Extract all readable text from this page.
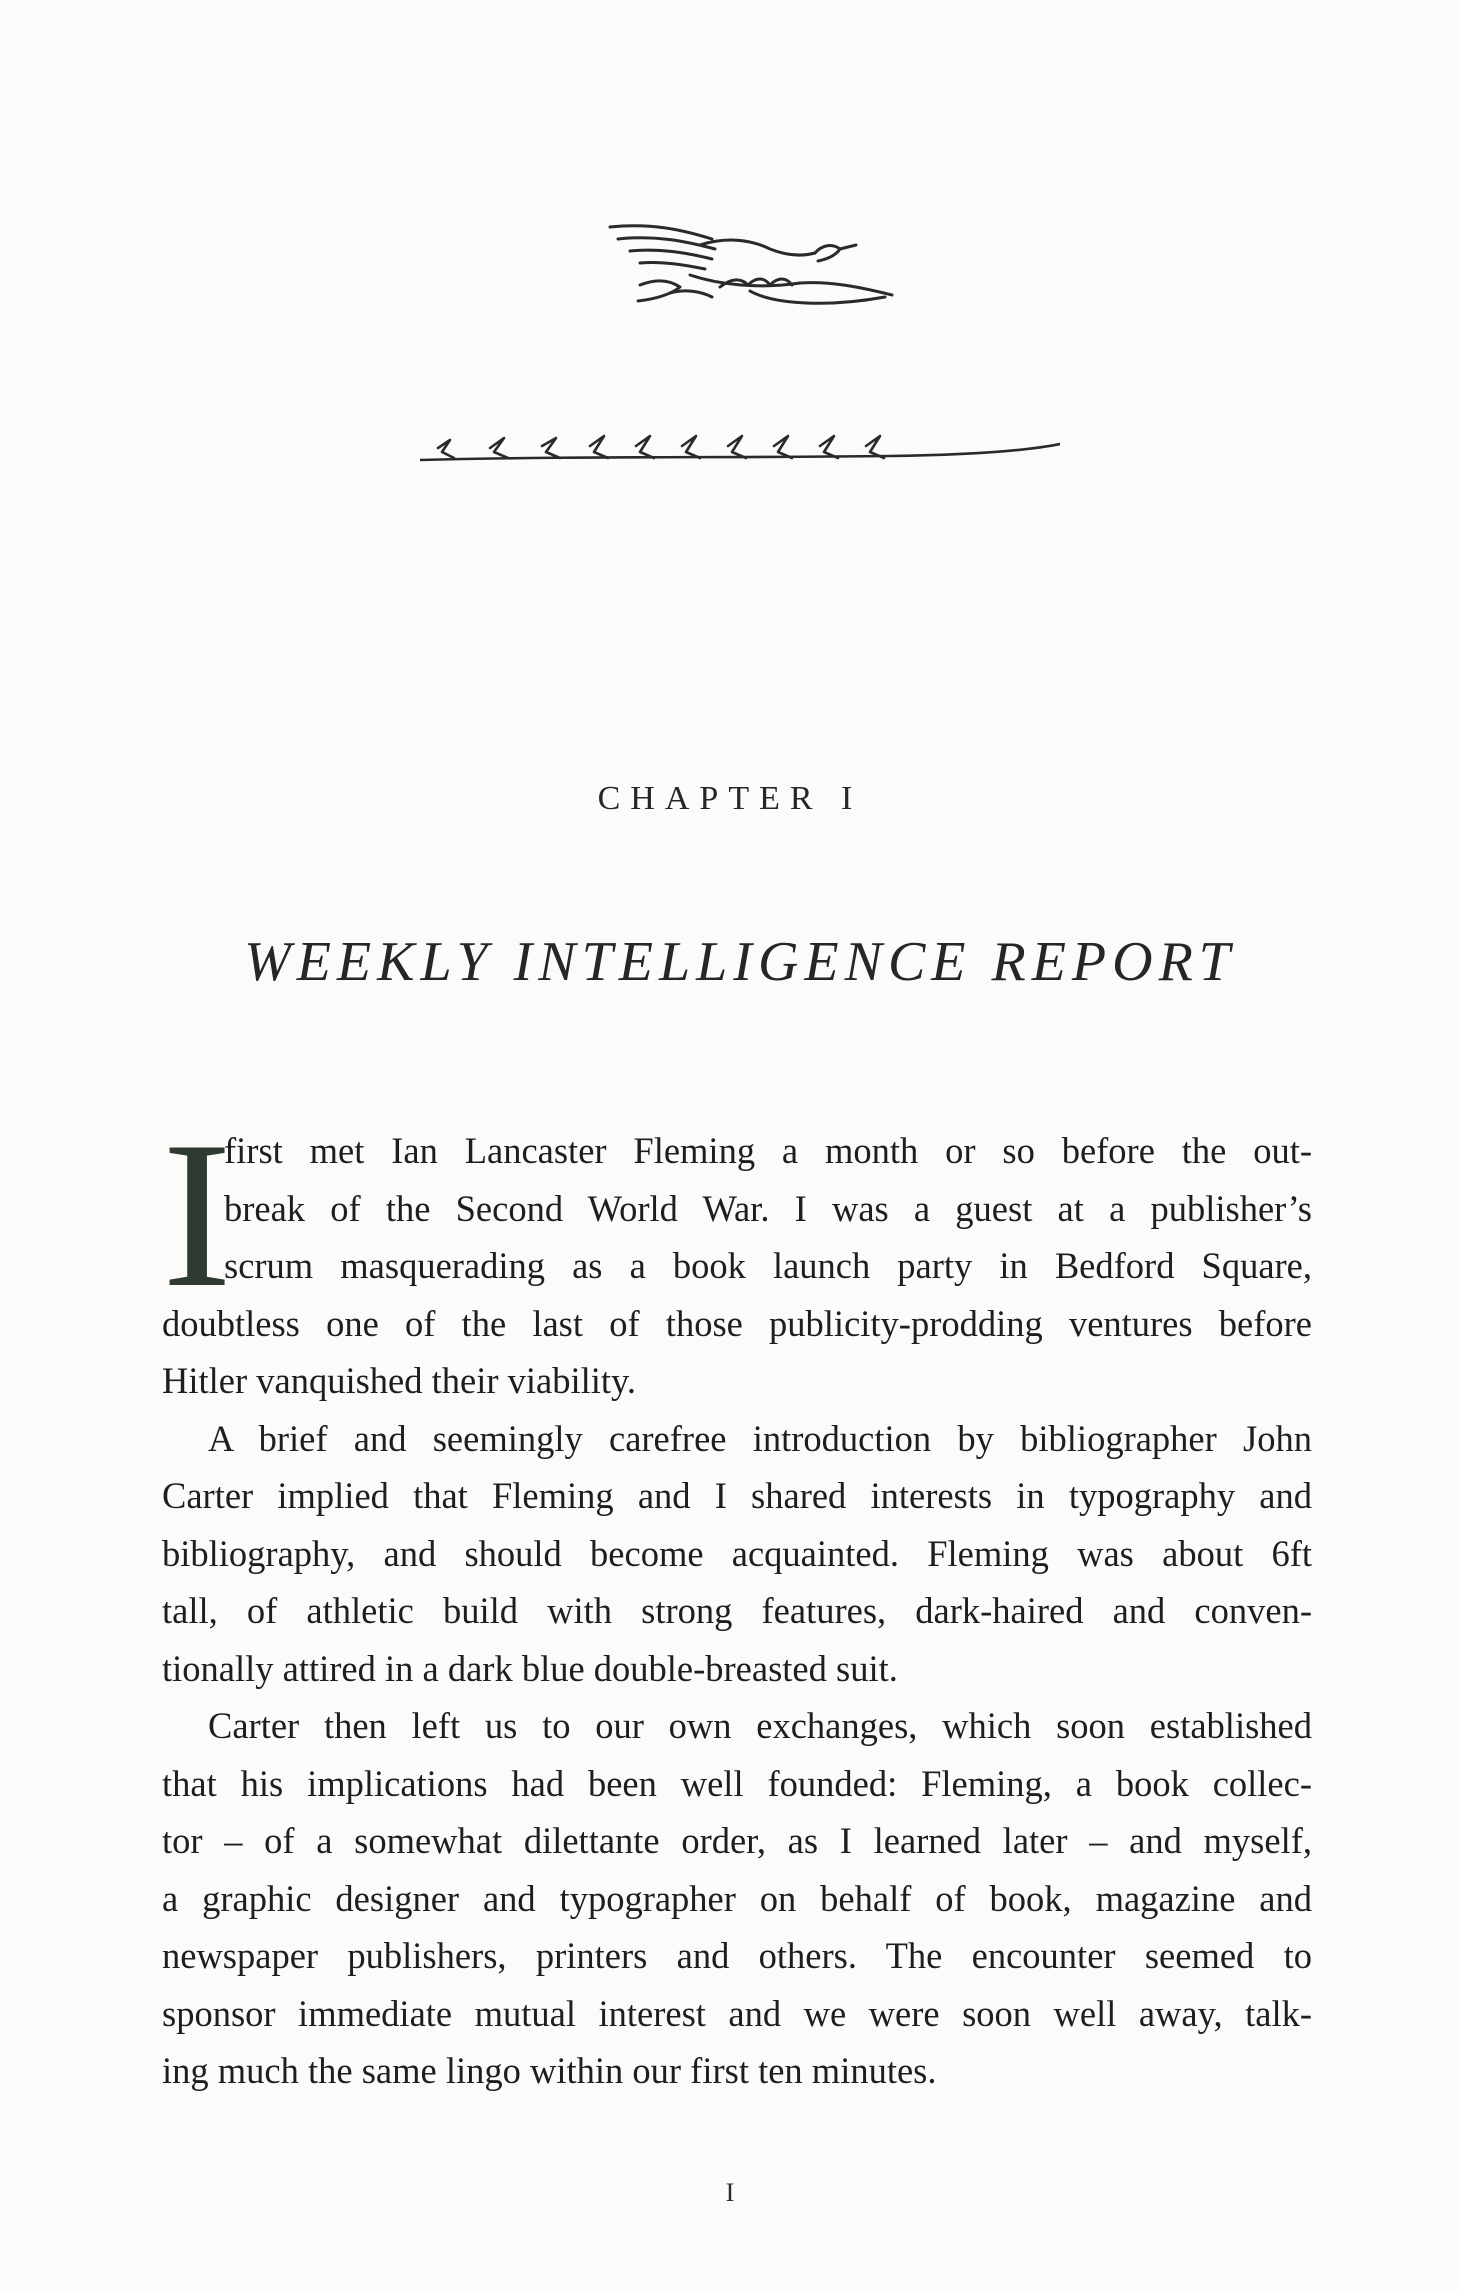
CHAPTER I
WEEKLY INTELLIGENCE REPORT
I
first met Ian Lancaster Fleming a month or so before the out-
break of the Second World War. I was a guest at a publisher’s
scrum masquerading as a book launch party in Bedford Square,
doubtless one of the last of those publicity-prodding ventures before
Hitler vanquished their viability.
A brief and seemingly carefree introduction by bibliographer John
Carter implied that Fleming and I shared interests in typography and
bibliography, and should become acquainted. Fleming was about 6ft
tall, of athletic build with strong features, dark-haired and conven-
tionally attired in a dark blue double-breasted suit.
Carter then left us to our own exchanges, which soon established
that his implications had been well founded: Fleming, a book collec-
tor – of a somewhat dilettante order, as I learned later – and myself,
a graphic designer and typographer on behalf of book, magazine and
newspaper publishers, printers and others. The encounter seemed to
sponsor immediate mutual interest and we were soon well away, talk-
ing much the same lingo within our first ten minutes.
I
